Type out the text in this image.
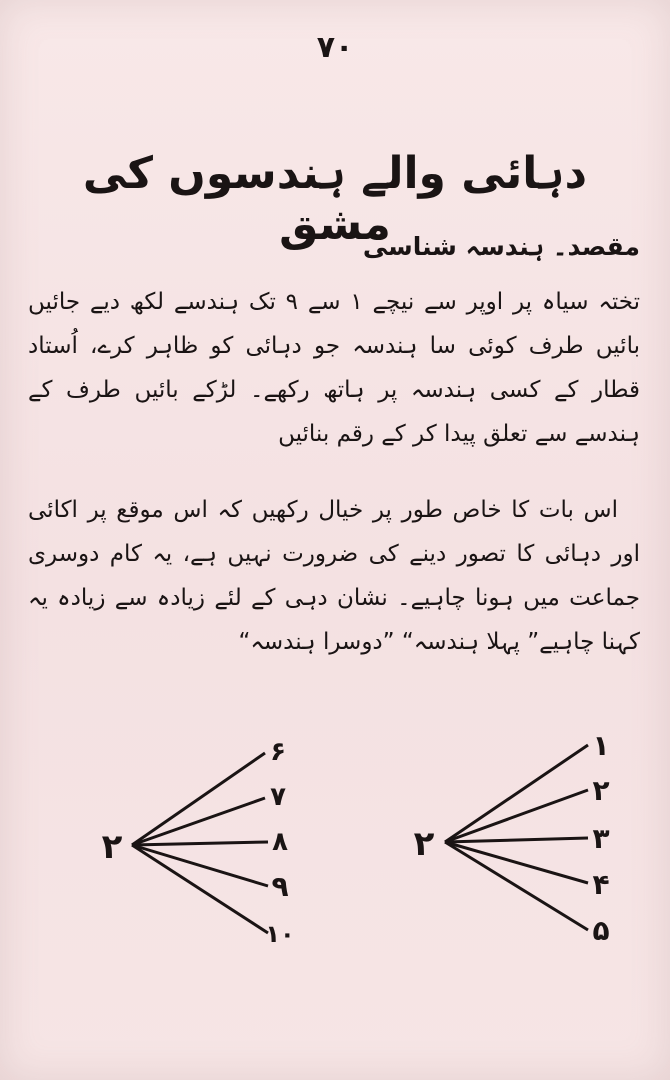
۷۰
دہائی والے ہندسوں کی مشق
مقصد۔ ہندسہ شناسی
تختہ سیاہ پر اوپر سے نیچے ۱ سے ۹ تک ہندسے لکھ دیے جائیں بائیں طرف کوئی سا ہندسہ جو دہائی کو ظاہر کرے، اُستاد قطار کے کسی ہندسہ پر ہاتھ رکھے۔ لڑکے بائیں طرف کے ہندسے سے تعلق پیدا کر کے رقم بنائیں
اس بات کا خاص طور پر خیال رکھیں کہ اس موقع پر اکائی اور دہائی کا تصور دینے کی ضرورت نہیں ہے، یہ کام دوسری جماعت میں ہونا چاہیے۔ نشان دہی کے لئے زیادہ سے زیادہ یہ کہنا چاہیے” پہلا ہندسہ“ ”دوسرا ہندسہ“
۲
۶
۷
۸
۹
۱۰
۲
۱
۲
۳
۴
۵
